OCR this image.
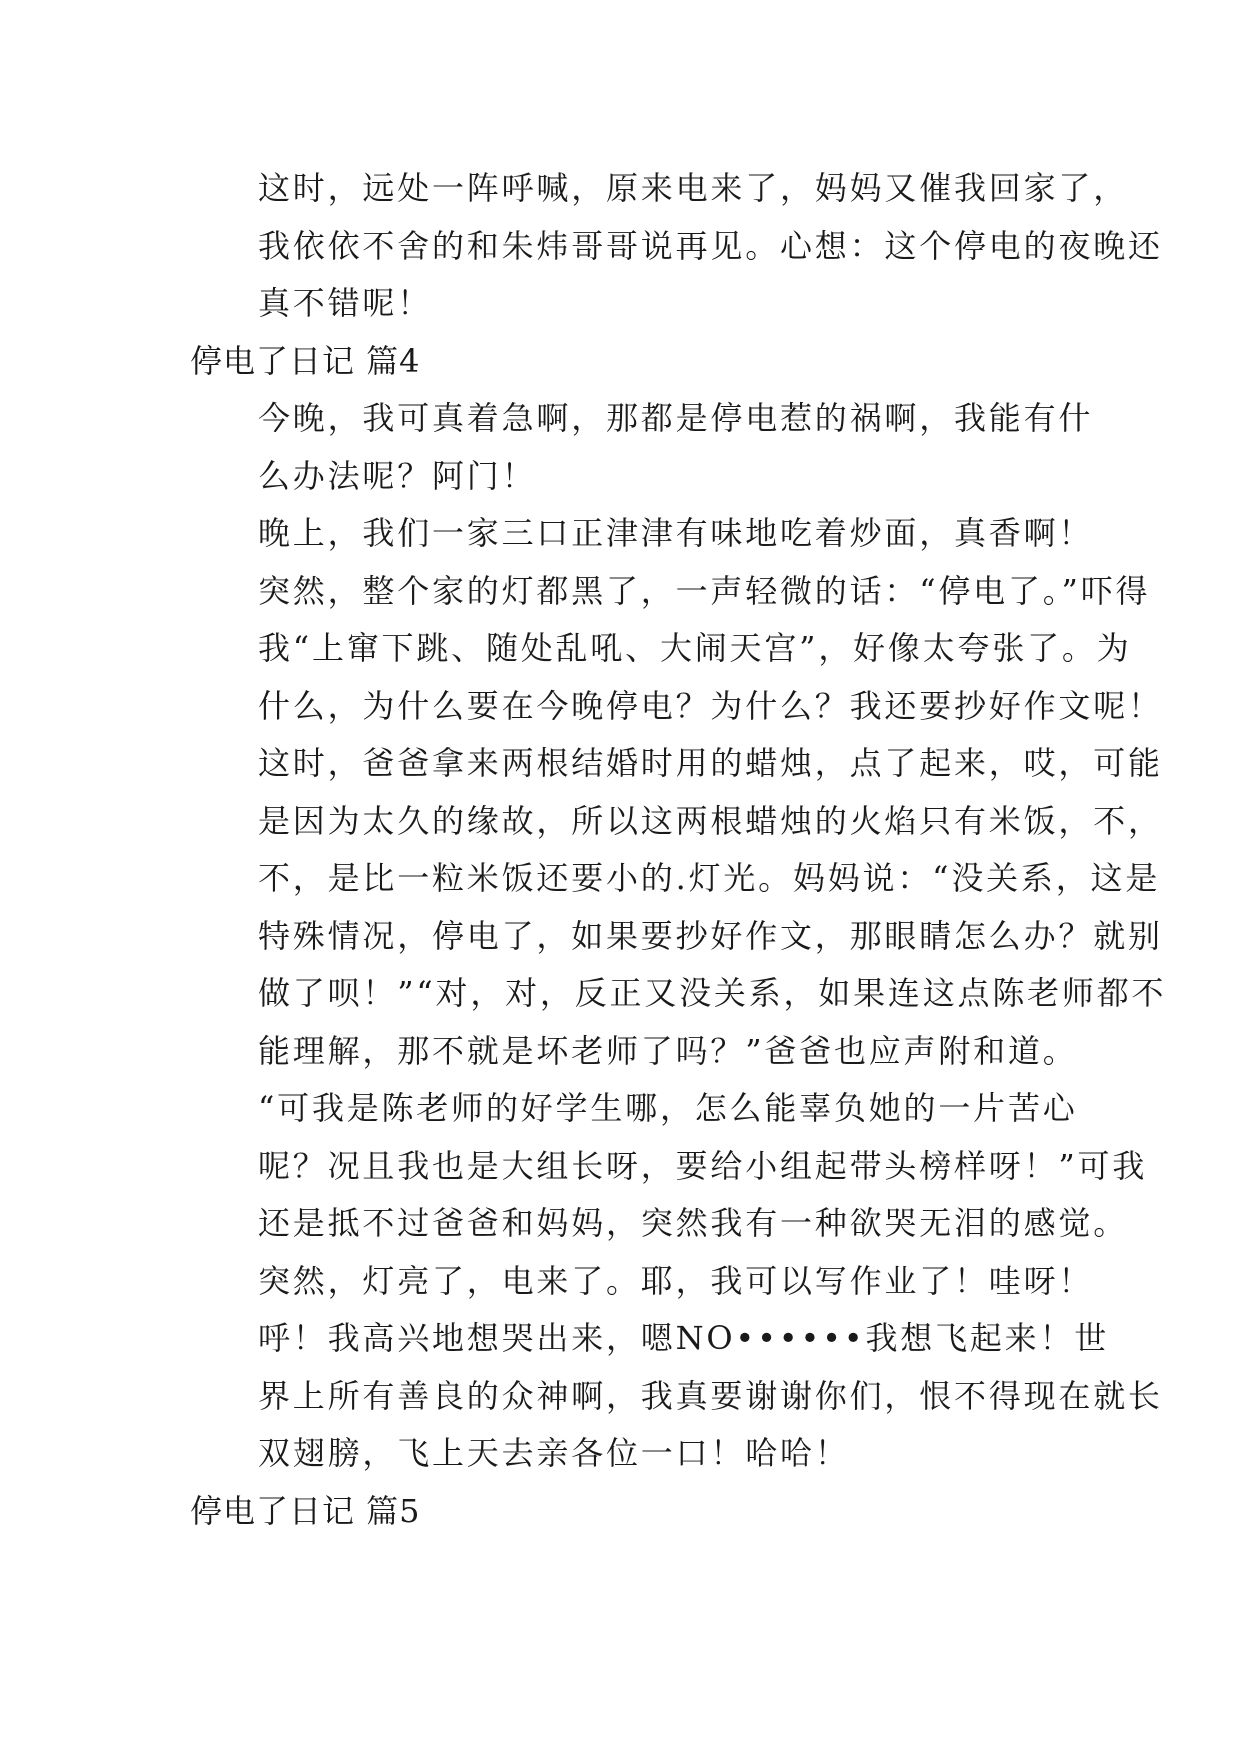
这时，远处一阵呼喊，原来电来了，妈妈又催我回家了，
我依依不舍的和朱炜哥哥说再见。心想：这个停电的夜晚还
真不错呢！

停电了日记 篇4

今晚，我可真着急啊，那都是停电惹的祸啊，我能有什
么办法呢？阿门！

晚上，我们一家三口正津津有味地吃着炒面，真香啊！
突然，整个家的灯都黑了，一声轻微的话：“停电了。”吓得
我“上窜下跳、随处乱吼、大闹天宫”，好像太夸张了。为
什么，为什么要在今晚停电？为什么？我还要抄好作文呢！
这时，爸爸拿来两根结婚时用的蜡烛，点了起来，哎，可能
是因为太久的缘故，所以这两根蜡烛的火焰只有米饭，不，
不，是比一粒米饭还要小的.灯光。妈妈说：“没关系，这是
特殊情况，停电了，如果要抄好作文，那眼睛怎么办？就别
做了呗！”“对，对，反正又没关系，如果连这点陈老师都不
能理解，那不就是坏老师了吗？”爸爸也应声附和道。

“可我是陈老师的好学生哪，怎么能辜负她的一片苦心
呢？况且我也是大组长呀，要给小组起带头榜样呀！”可我
还是抵不过爸爸和妈妈，突然我有一种欲哭无泪的感觉。

突然，灯亮了，电来了。耶，我可以写作业了！哇呀！
呼！我高兴地想哭出来，嗯NO••••••我想飞起来！世
界上所有善良的众神啊，我真要谢谢你们，恨不得现在就长
双翅膀，飞上天去亲各位一口！哈哈！

停电了日记 篇5
